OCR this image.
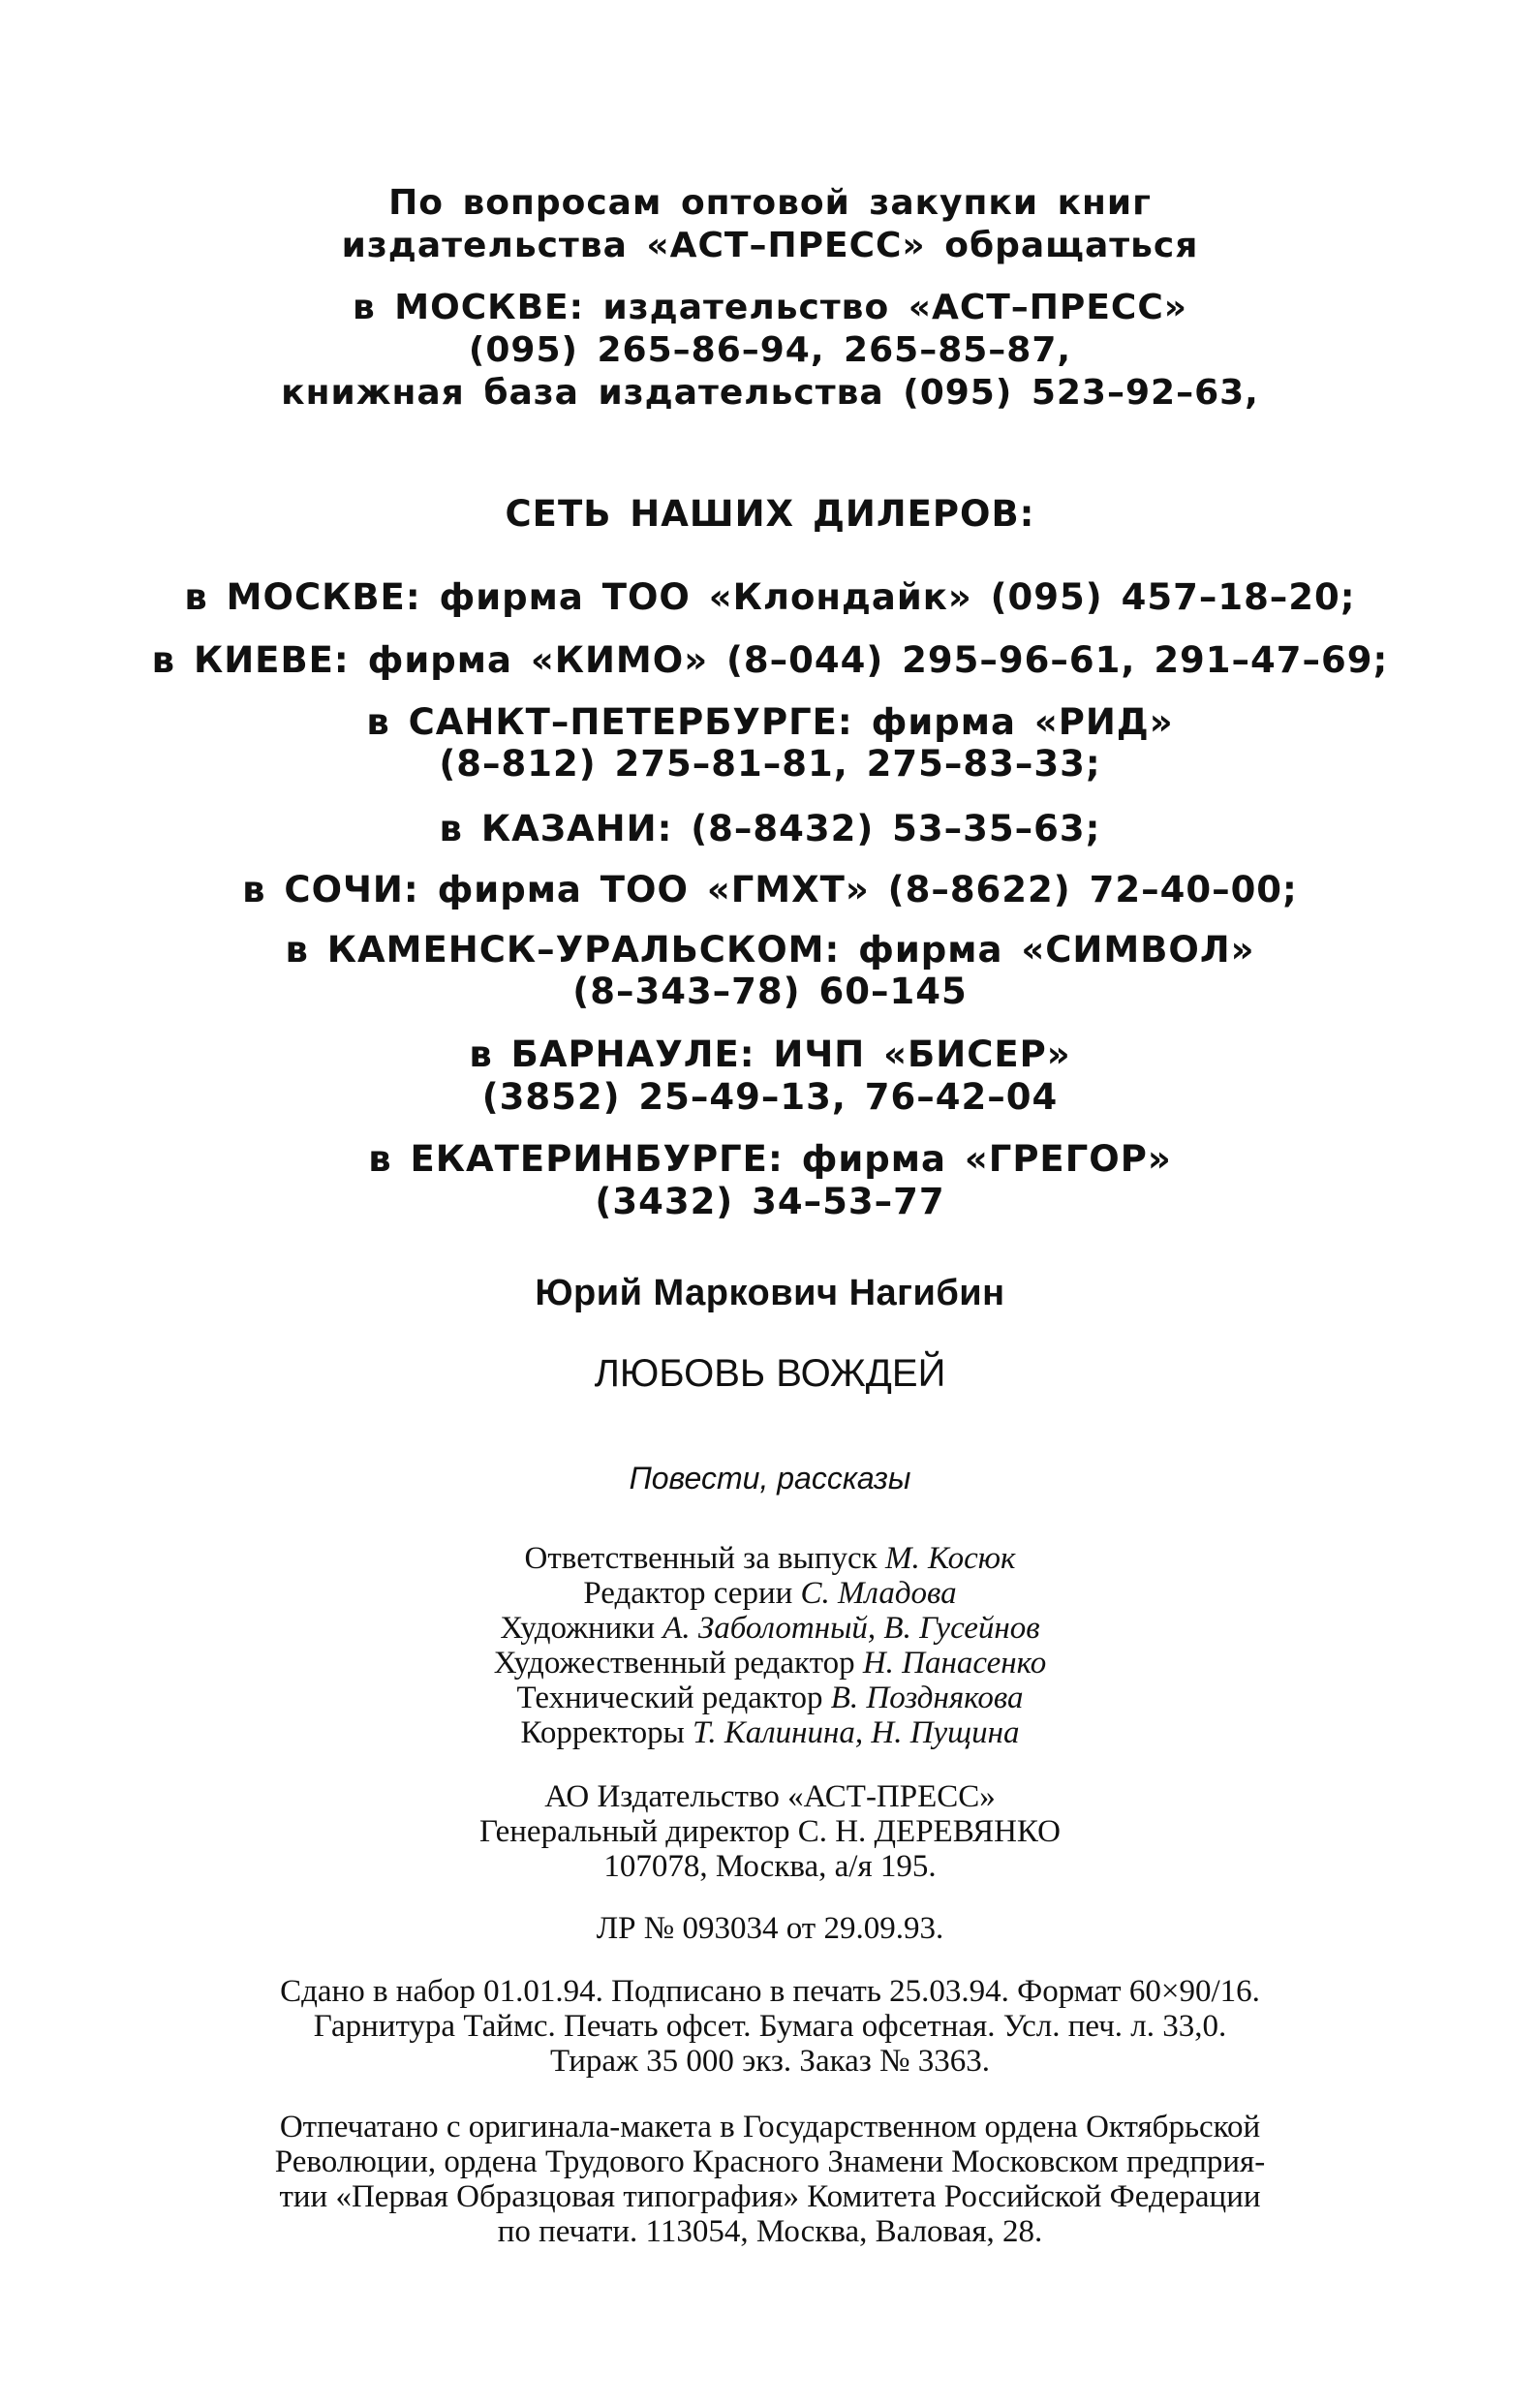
По вопросам оптовой закупки книг
издательства «АСТ–ПРЕСС» обращаться
в МОСКВЕ: издательство «АСТ–ПРЕСС»
(095) 265–86–94, 265–85–87,
книжная база издательства (095) 523–92–63,
СЕТЬ НАШИХ ДИЛЕРОВ:
в МОСКВЕ: фирма ТОО «Клондайк» (095) 457–18–20;
в КИЕВЕ: фирма «КИМО» (8–044) 295–96–61, 291–47–69;
в САНКТ–ПЕТЕРБУРГЕ: фирма «РИД»
(8–812) 275–81–81, 275–83–33;
в КАЗАНИ: (8–8432) 53–35–63;
в СОЧИ: фирма ТОО «ГМХТ» (8–8622) 72–40–00;
в КАМЕНСК–УРАЛЬСКОМ: фирма «СИМВОЛ»
(8–343–78) 60–145
в БАРНАУЛЕ: ИЧП «БИСЕР»
(3852) 25–49–13, 76–42–04
в ЕКАТЕРИНБУРГЕ: фирма «ГРЕГОР»
(3432) 34–53–77
Юрий Маркович Нагибин
ЛЮБОВЬ ВОЖДЕЙ
Повести, рассказы
Ответственный за выпуск М. Косюк
Редактор серии С. Младова
Художники А. Заболотный, В. Гусейнов
Художественный редактор Н. Панасенко
Технический редактор В. Позднякова
Корректоры Т. Калинина, Н. Пущина
АО Издательство «АСТ-ПРЕСС»
Генеральный директор С. Н. ДЕРЕВЯНКО
107078, Москва, а/я 195.
ЛР № 093034 от 29.09.93.
Сдано в набор 01.01.94. Подписано в печать 25.03.94. Формат 60×90/16.
Гарнитура Таймс. Печать офсет. Бумага офсетная. Усл. печ. л. 33,0.
Тираж 35 000 экз. Заказ № 3363.
Отпечатано с оригинала-макета в Государственном ордена Октябрьской
Революции, ордена Трудового Красного Знамени Московском предприя-
тии «Первая Образцовая типография» Комитета Российской Федерации
по печати. 113054, Москва, Валовая, 28.
